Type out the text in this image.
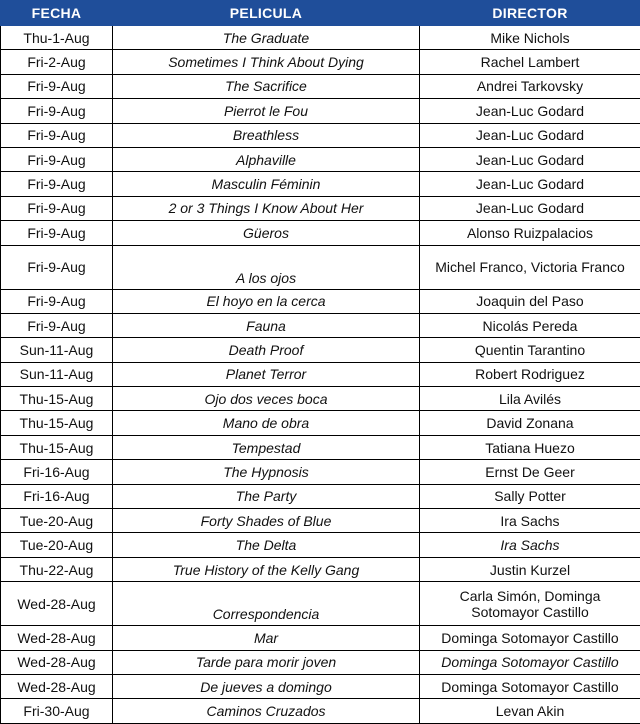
FECHA	PELICULA	DIRECTOR
Thu-1-Aug	The Graduate	Mike Nichols
Fri-2-Aug	Sometimes I Think About Dying	Rachel Lambert
Fri-9-Aug	The Sacrifice	Andrei Tarkovsky
Fri-9-Aug	Pierrot le Fou	Jean-Luc Godard
Fri-9-Aug	Breathless	Jean-Luc Godard
Fri-9-Aug	Alphaville	Jean-Luc Godard
Fri-9-Aug	Masculin Féminin	Jean-Luc Godard
Fri-9-Aug	2 or 3 Things I Know About Her	Jean-Luc Godard
Fri-9-Aug	Güeros	Alonso Ruizpalacios
Fri-9-Aug	A los ojos	Michel Franco, Victoria Franco
Fri-9-Aug	El hoyo en la cerca	Joaquin del Paso
Fri-9-Aug	Fauna	Nicolás Pereda
Sun-11-Aug	Death Proof	Quentin Tarantino
Sun-11-Aug	Planet Terror	Robert Rodriguez
Thu-15-Aug	Ojo dos veces boca	Lila Avilés
Thu-15-Aug	Mano de obra	David Zonana
Thu-15-Aug	Tempestad	Tatiana Huezo
Fri-16-Aug	The Hypnosis	Ernst De Geer
Fri-16-Aug	The Party	Sally Potter
Tue-20-Aug	Forty Shades of Blue	Ira Sachs
Tue-20-Aug	The Delta	Ira Sachs
Thu-22-Aug	True History of the Kelly Gang	Justin Kurzel
Wed-28-Aug	Correspondencia	Carla Simón, Dominga Sotomayor Castillo
Wed-28-Aug	Mar	Dominga Sotomayor Castillo
Wed-28-Aug	Tarde para morir joven	Dominga Sotomayor Castillo
Wed-28-Aug	De jueves a domingo	Dominga Sotomayor Castillo
Fri-30-Aug	Caminos Cruzados	Levan Akin
